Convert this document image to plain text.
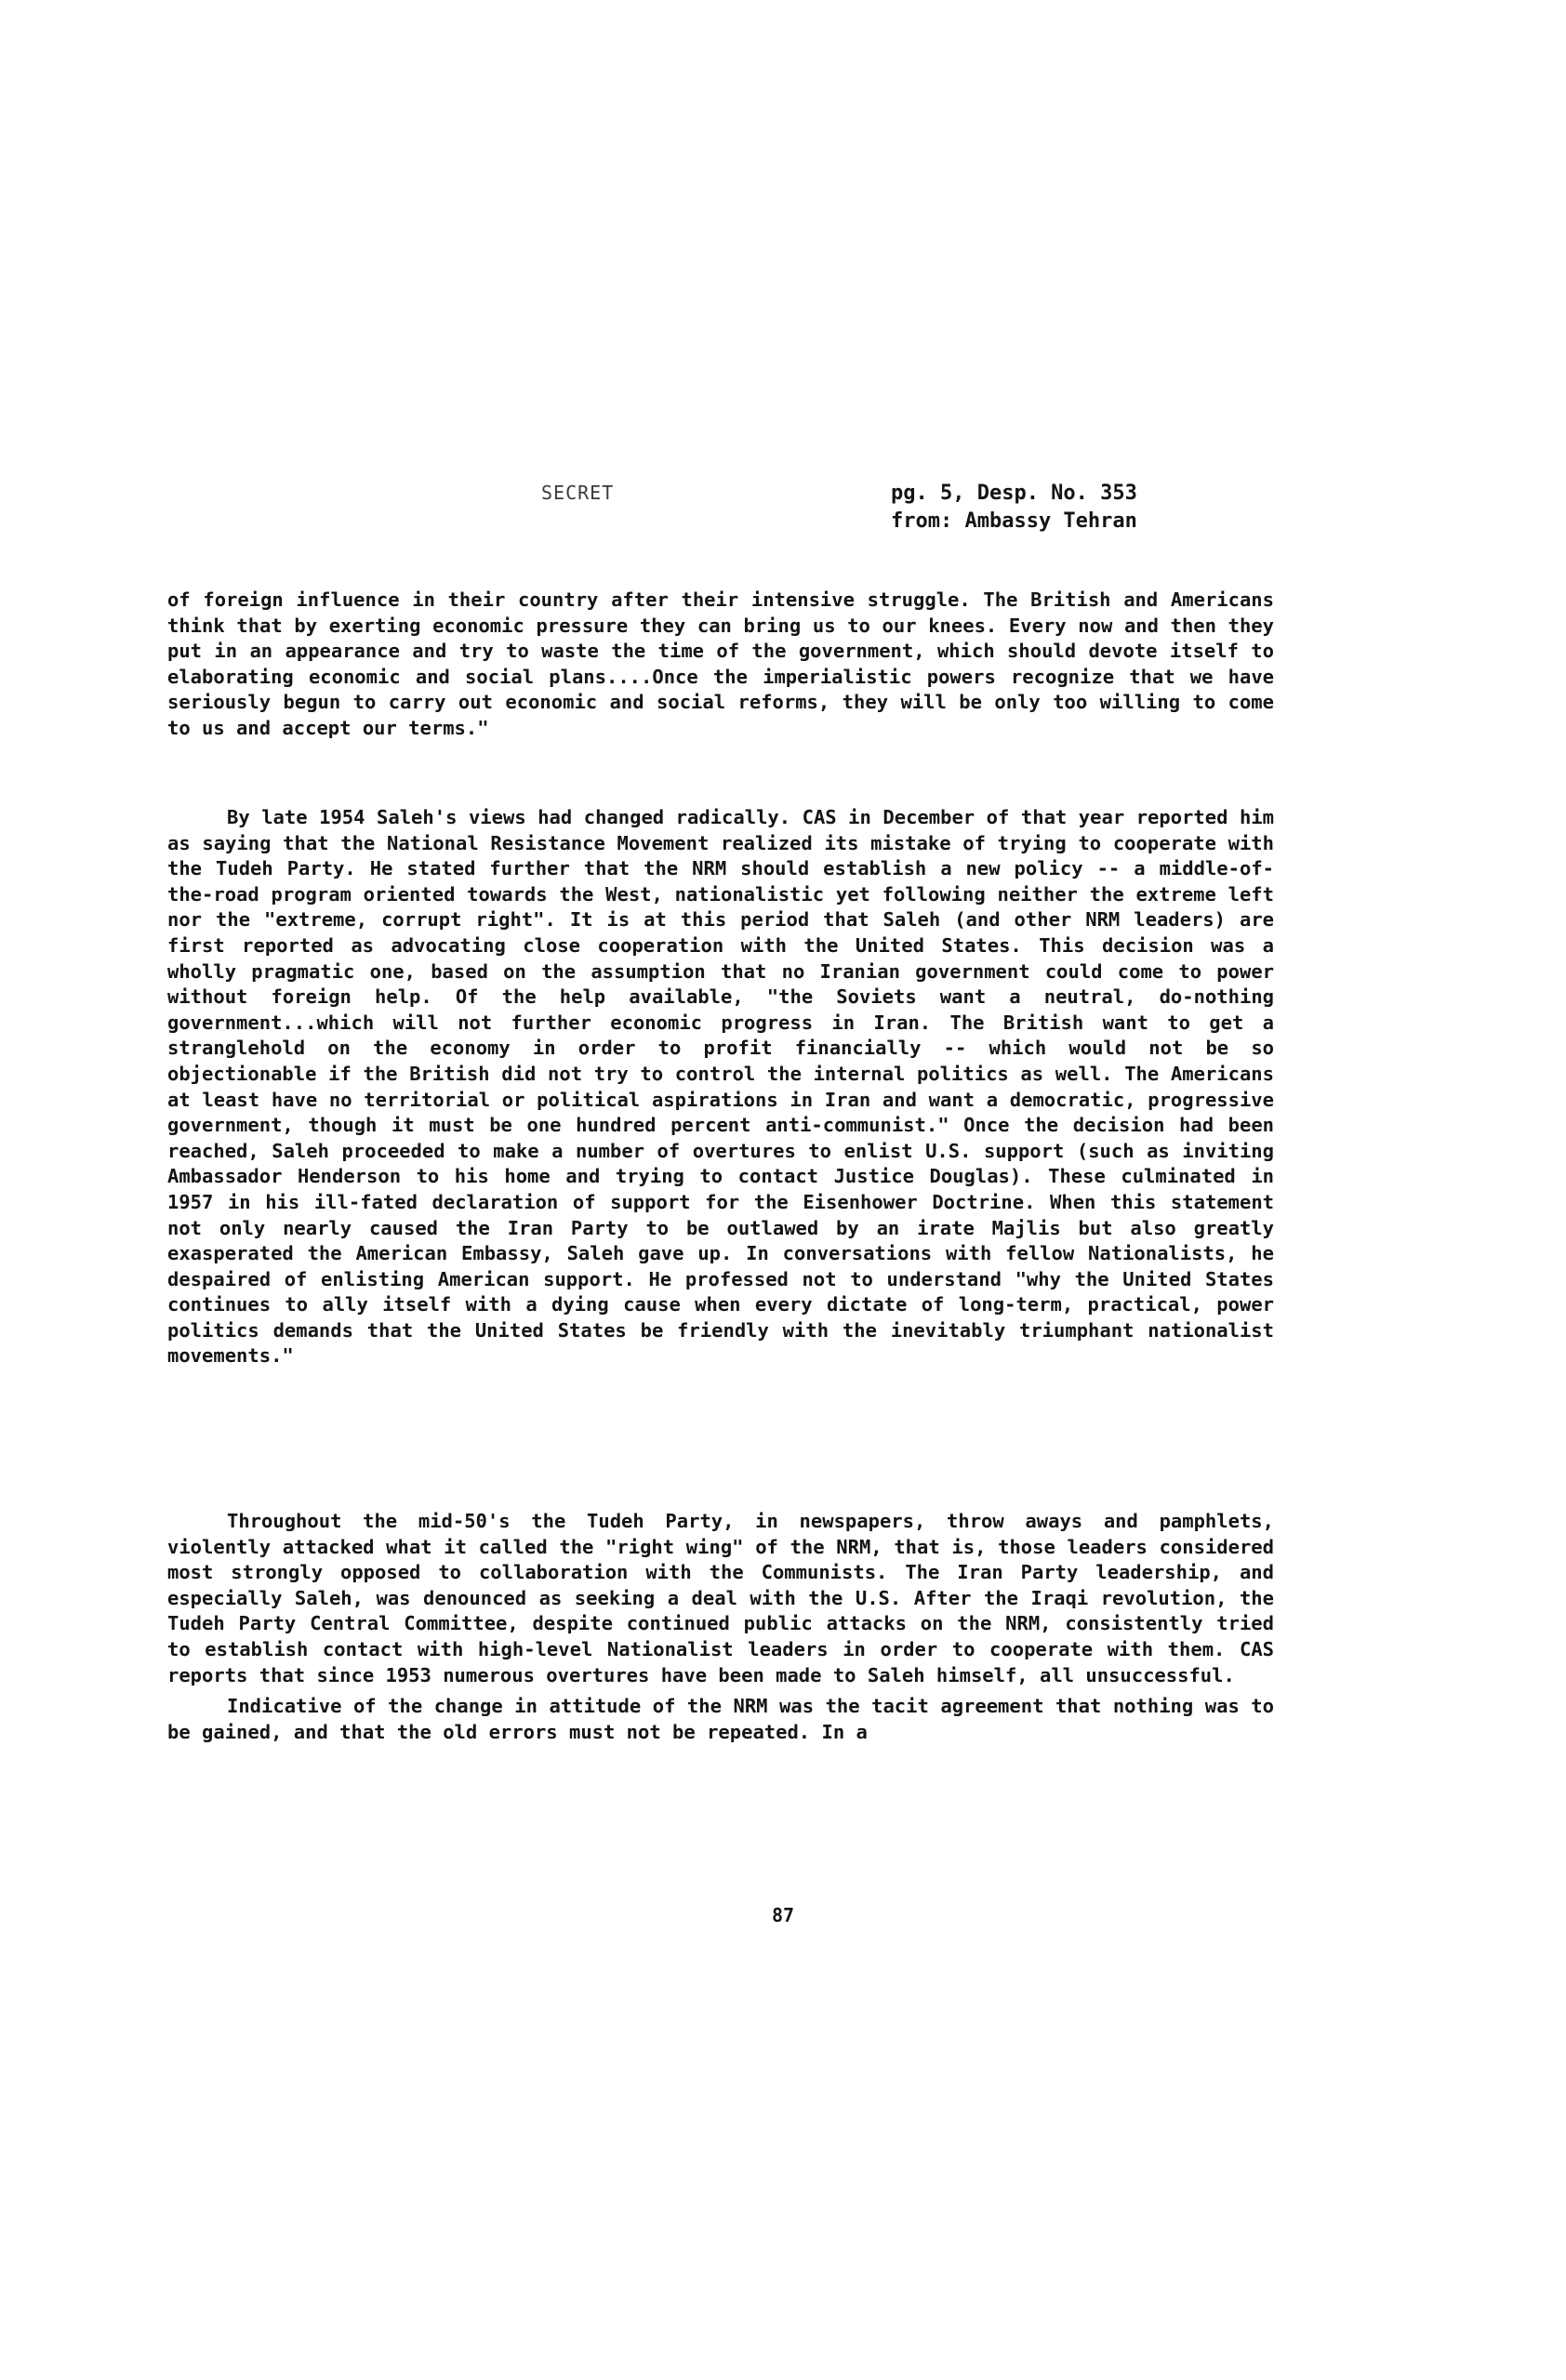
SECRET	pg. 5, Desp. No. 353
from: Ambassy Tehran

of foreign influence in their country after their intensive struggle. The British and Americans think that by exerting economic pressure they can bring us to our knees. Every now and then they put in an appearance and try to waste the time of the government, which should devote itself to elaborating economic and social plans....Once the imperialistic powers recognize that we have seriously begun to carry out economic and social reforms, they will be only too willing to come to us and accept our terms."

By late 1954 Saleh's views had changed radically. CAS in December of that year reported him as saying that the National Resistance Movement realized its mistake of trying to cooperate with the Tudeh Party. He stated further that the NRM should establish a new policy -- a middle-of-the-road program oriented towards the West, nationalistic yet following neither the extreme left nor the "extreme, corrupt right". It is at this period that Saleh (and other NRM leaders) are first reported as advocating close cooperation with the United States. This decision was a wholly pragmatic one, based on the assumption that no Iranian government could come to power without foreign help. Of the help available, "the Soviets want a neutral, do-nothing government...which will not further economic progress in Iran. The British want to get a stranglehold on the economy in order to profit financially -- which would not be so objectionable if the British did not try to control the internal politics as well. The Americans at least have no territorial or political aspirations in Iran and want a democratic, progressive government, though it must be one hundred percent anti-communist." Once the decision had been reached, Saleh proceeded to make a number of overtures to enlist U.S. support (such as inviting Ambassador Henderson to his home and trying to contact Justice Douglas). These culminated in 1957 in his ill-fated declaration of support for the Eisenhower Doctrine. When this statement not only nearly caused the Iran Party to be outlawed by an irate Majlis but also greatly exasperated the American Embassy, Saleh gave up. In conversations with fellow Nationalists, he despaired of enlisting American support. He professed not to understand "why the United States continues to ally itself with a dying cause when every dictate of long-term, practical, power politics demands that the United States be friendly with the inevitably triumphant nationalist movements."

Throughout the mid-50's the Tudeh Party, in newspapers, throw aways and pamphlets, violently attacked what it called the "right wing" of the NRM, that is, those leaders considered most strongly opposed to collaboration with the Communists. The Iran Party leadership, and especially Saleh, was denounced as seeking a deal with the U.S. After the Iraqi revolution, the Tudeh Party Central Committee, despite continued public attacks on the NRM, consistently tried to establish contact with high-level Nationalist leaders in order to cooperate with them. CAS reports that since 1953 numerous overtures have been made to Saleh himself, all unsuccessful.

Indicative of the change in attitude of the NRM was the tacit agreement that nothing was to be gained, and that the old errors must not be repeated. In a

87
